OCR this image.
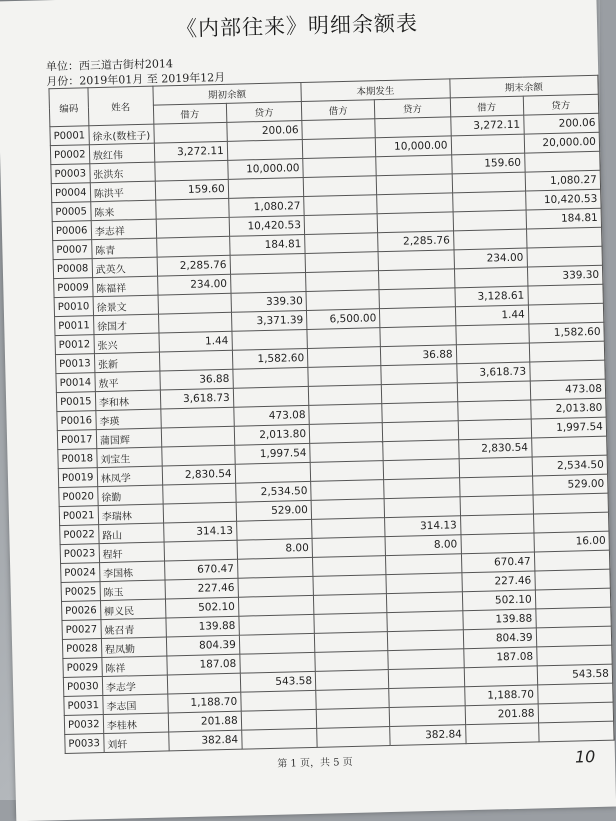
《内部往来》明细余额表
单位：西三道古街村2014
月份：2019年01月 至 2019年12月
编码	姓名	期初余额		本期发生		期末余额	
		借方	贷方	借方	贷方	借方	贷方
P0001	徐永(数柱子)		200.06			3,272.11	200.06
P0002	敖红伟	3,272.11			10,000.00		20,000.00
P0003	张洪东		10,000.00			159.60	
P0004	陈洪平	159.60					1,080.27
P0005	陈来		1,080.27				10,420.53
P0006	李志祥		10,420.53				184.81
P0007	陈青		184.81		2,285.76		
P0008	武英久	2,285.76				234.00	
P0009	陈福祥	234.00					339.30
P0010	徐景文		339.30			3,128.61	
P0011	徐国才		3,371.39	6,500.00		1.44	
P0012	张兴	1.44					1,582.60
P0013	张新		1,582.60		36.88		
P0014	敖平	36.88				3,618.73	
P0015	李和林	3,618.73					473.08
P0016	李瑛		473.08				2,013.80
P0017	蒲国辉		2,013.80				1,997.54
P0018	刘宝生		1,997.54			2,830.54	
P0019	林凤学	2,830.54					2,534.50
P0020	徐勤		2,534.50				529.00
P0021	李瑞林		529.00				
P0022	路山	314.13			314.13		
P0023	程轩		8.00		8.00		16.00
P0024	李国栋	670.47				670.47	
P0025	陈玉	227.46				227.46	
P0026	柳义民	502.10				502.10	
P0027	姚召青	139.88				139.88	
P0028	程凤勤	804.39				804.39	
P0029	陈祥	187.08				187.08	
P0030	李志学		543.58				543.58
P0031	李志国	1,188.70				1,188.70	
P0032	李桂林	201.88				201.88	
P0033	刘轩	382.84			382.84		
第 1 页，共 5 页	10
